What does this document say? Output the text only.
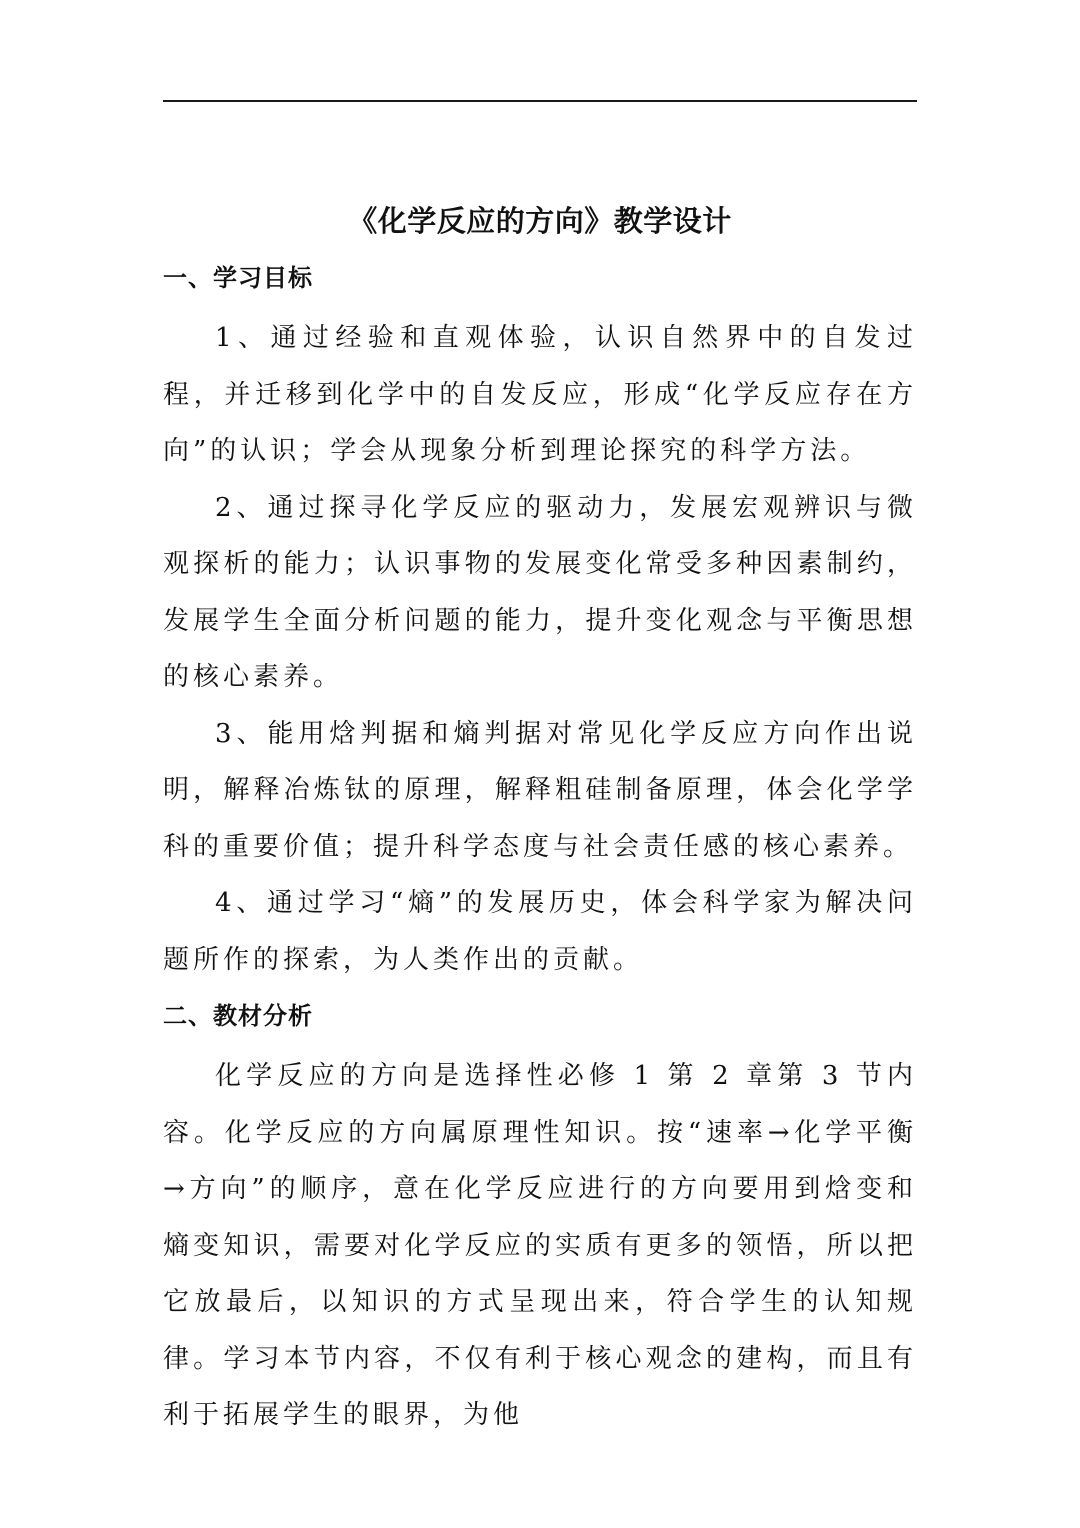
《化学反应的方向》教学设计
一、学习目标

1、通过经验和直观体验，认识自然界中的自发过程，并迁移到化学中的自发反应，形成“化学反应存在方向”的认识；学会从现象分析到理论探究的科学方法。

2、通过探寻化学反应的驱动力，发展宏观辨识与微观探析的能力；认识事物的发展变化常受多种因素制约，发展学生全面分析问题的能力，提升变化观念与平衡思想的核心素养。

3、能用焓判据和熵判据对常见化学反应方向作出说明，解释冶炼钛的原理，解释粗硅制备原理，体会化学学科的重要价值；提升科学态度与社会责任感的核心素养。

4、通过学习“熵”的发展历史，体会科学家为解决问题所作的探索，为人类作出的贡献。

二、教材分析

化学反应的方向是选择性必修 1 第 2 章第 3 节内容。化学反应的方向属原理性知识。按“速率→化学平衡→方向”的顺序，意在化学反应进行的方向要用到焓变和熵变知识，需要对化学反应的实质有更多的领悟，所以把它放最后，以知识的方式呈现出来，符合学生的认知规律。学习本节内容，不仅有利于核心观念的建构，而且有利于拓展学生的眼界，为他
